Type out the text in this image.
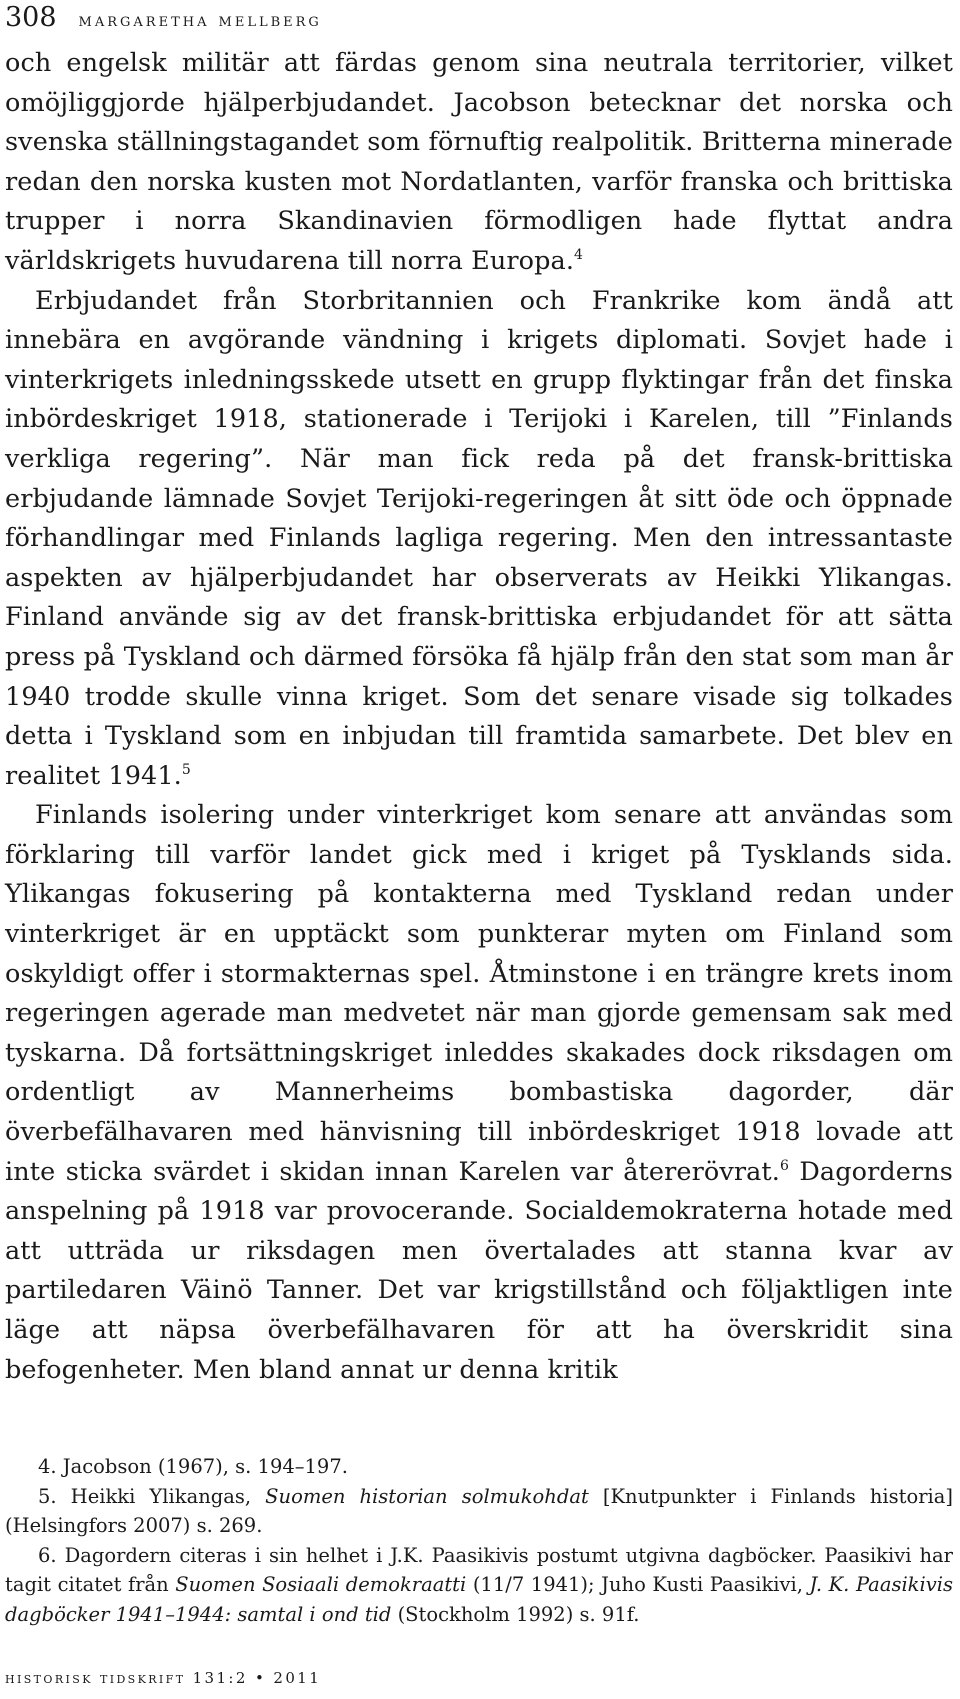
308 margaretha mellberg

och engelsk militär att färdas genom sina neutrala territorier, vilket omöjliggjorde hjälperbjudandet. Jacobson betecknar det norska och svenska ställningstagandet som förnuftig realpolitik. Britterna minerade redan den norska kusten mot Nordatlanten, varför franska och brittiska trupper i norra Skandinavien förmodligen hade flyttat andra världskrigets huvudarena till norra Europa.$^4$

Erbjudandet från Storbritannien och Frankrike kom ändå att innebära en avgörande vändning i krigets diplomati. Sovjet hade i vinterkrigets inledningsskede utsett en grupp flyktingar från det finska inbördeskriget 1918, stationerade i Terijoki i Karelen, till ”Finlands verkliga regering”. När man fick reda på det fransk-brittiska erbjudande lämnade Sovjet Terijoki-regeringen åt sitt öde och öppnade förhandlingar med Finlands lagliga regering. Men den intressantaste aspekten av hjälperbjudandet har observerats av Heikki Ylikangas. Finland använde sig av det fransk-brittiska erbjudandet för att sätta press på Tyskland och därmed försöka få hjälp från den stat som man år 1940 trodde skulle vinna kriget. Som det senare visade sig tolkades detta i Tyskland som en inbjudan till framtida samarbete. Det blev en realitet 1941.$^5$

Finlands isolering under vinterkriget kom senare att användas som förklaring till varför landet gick med i kriget på Tysklands sida. Ylikangas fokusering på kontakterna med Tyskland redan under vinterkriget är en upptäckt som punkterar myten om Finland som oskyldigt offer i stormakternas spel. Åtminstone i en trängre krets inom regeringen agerade man medvetet när man gjorde gemensam sak med tyskarna. Då fortsättningskriget inleddes skakades dock riksdagen om ordentligt av Mannerheims bombastiska dagorder, där överbefälhavaren med hänvisning till inbördeskriget 1918 lovade att inte sticka svärdet i skidan innan Karelen var återerövrat.$^6$ Dagorderns anspelning på 1918 var provocerande. Socialdemokraterna hotade med att utträda ur riksdagen men övertalades att stanna kvar av partiledaren Väinö Tanner. Det var krigstillstånd och följaktligen inte läge att näpsa överbefälhavaren för att ha överskridit sina befogenheter. Men bland annat ur denna kritik

4. Jacobson (1967), s. 194–197.

5. Heikki Ylikangas, Suomen historian solmukohdat [Knutpunkter i Finlands historia] (Helsingfors 2007) s. 269.

6. Dagordern citeras i sin helhet i J.K. Paasikivis postumt utgivna dagböcker. Paasikivi har tagit citatet från Suomen Sosiaali demokraatti (11/7 1941); Juho Kusti Paasikivi, J. K. Paasikivis dagböcker 1941–1944: samtal i ond tid (Stockholm 1992) s. 91f.

historisk tidskrift 131:2 • 2011
